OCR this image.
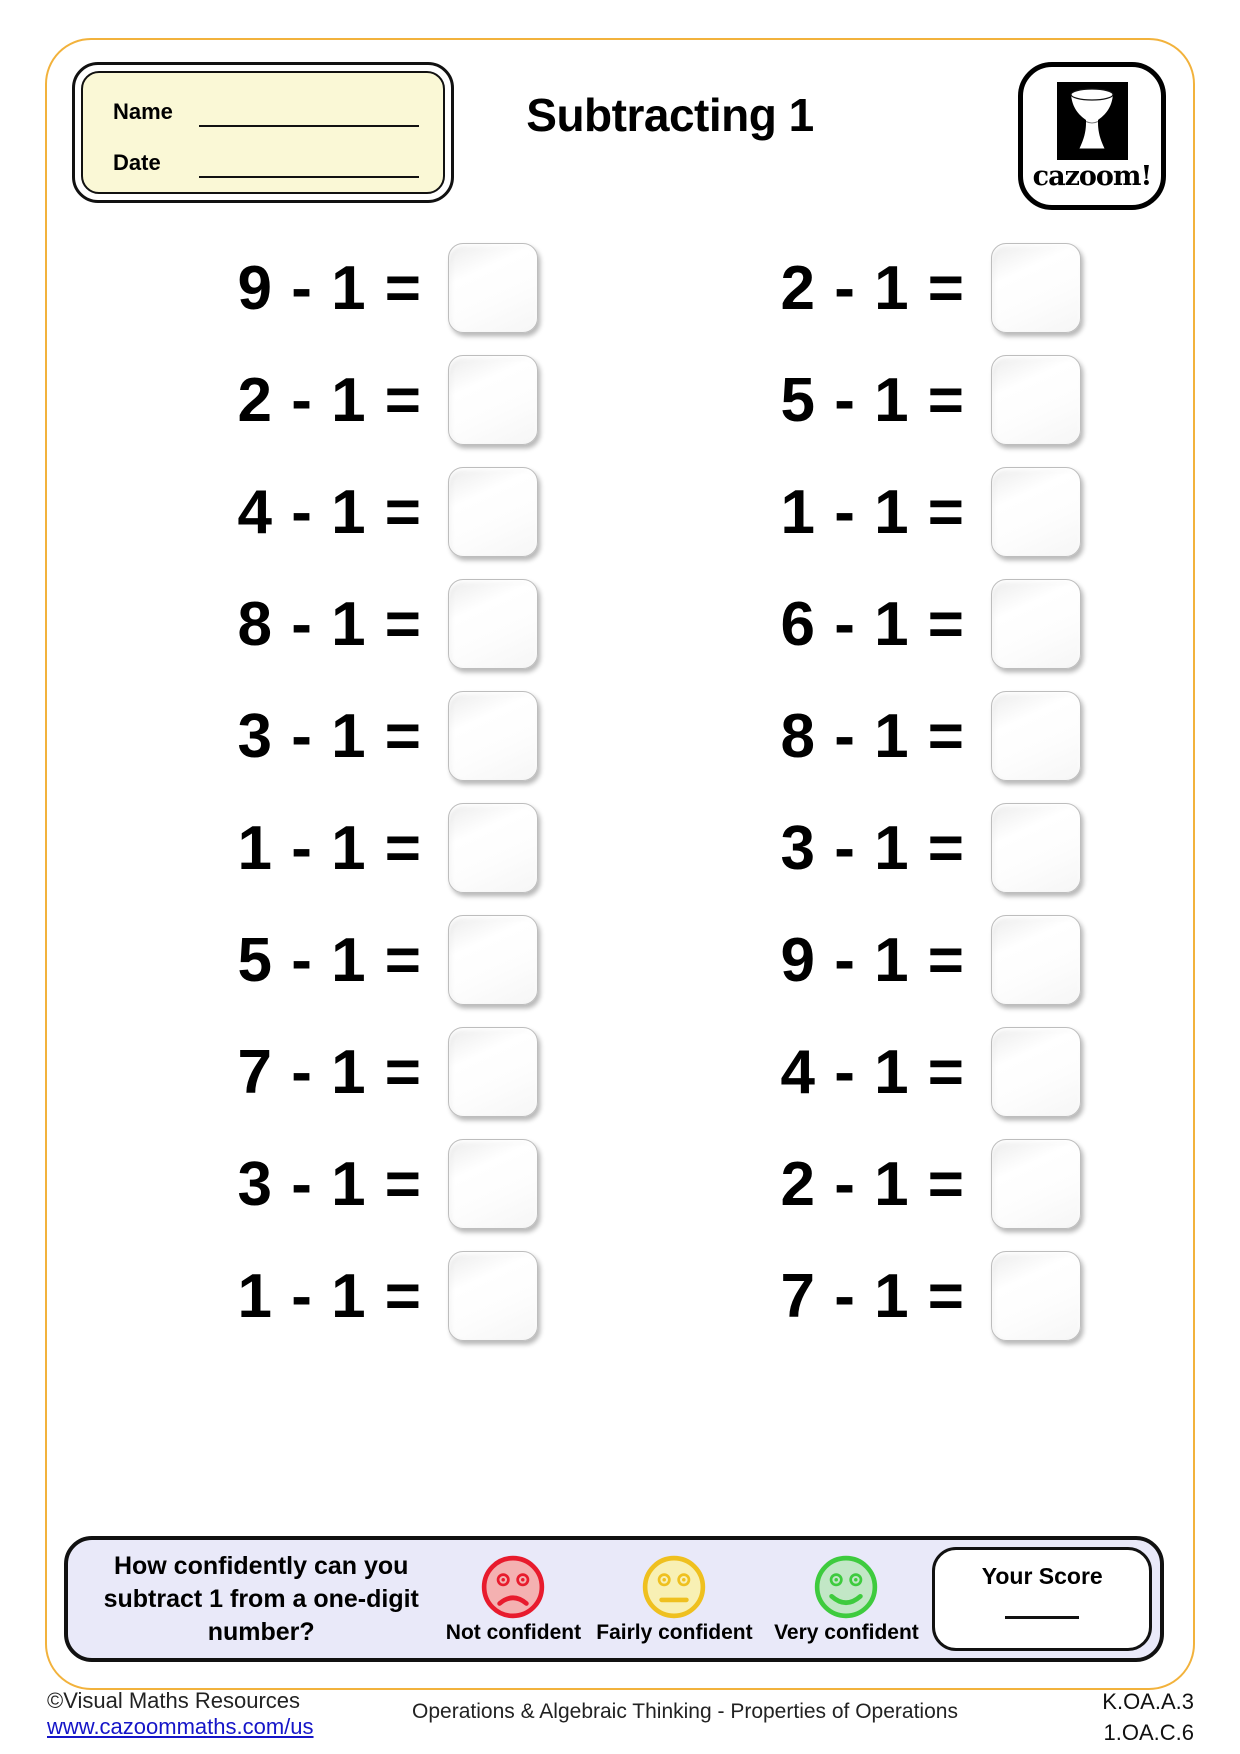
Name
Date
Subtracting 1
cazoom!
9 - 1 =	2 - 1 =
2 - 1 =	5 - 1 =
4 - 1 =	1 - 1 =
8 - 1 =	6 - 1 =
3 - 1 =	8 - 1 =
1 - 1 =	3 - 1 =
5 - 1 =	9 - 1 =
7 - 1 =	4 - 1 =
3 - 1 =	2 - 1 =
1 - 1 =	7 - 1 =
How confidently can you subtract 1 from a one-digit number?	Not confident Fairly confident Very confident
Your Score
©Visual Maths Resources
www.cazoommaths.com/us
Operations & Algebraic Thinking - Properties of Operations	K.OA.A.3
1.OA.C.6
